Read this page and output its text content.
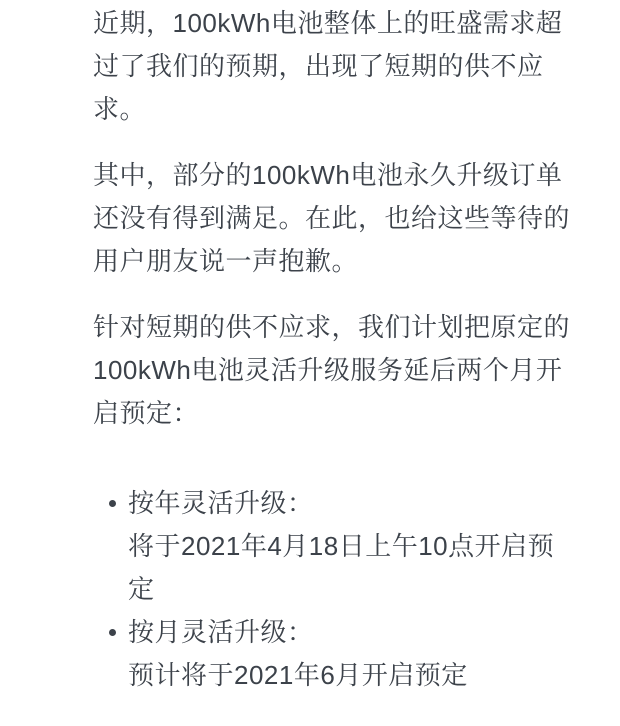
近期，100kWh电池整体上的旺盛需求超
过了我们的预期，出现了短期的供不应
求。

其中，部分的100kWh电池永久升级订单
还没有得到满足。在此，也给这些等待的
用户朋友说一声抱歉。

针对短期的供不应求，我们计划把原定的
100kWh电池灵活升级服务延后两个月开
启预定：

按年灵活升级：
将于2021年4月18日上午10点开启预
定
按月灵活升级：
预计将于2021年6月开启预定
